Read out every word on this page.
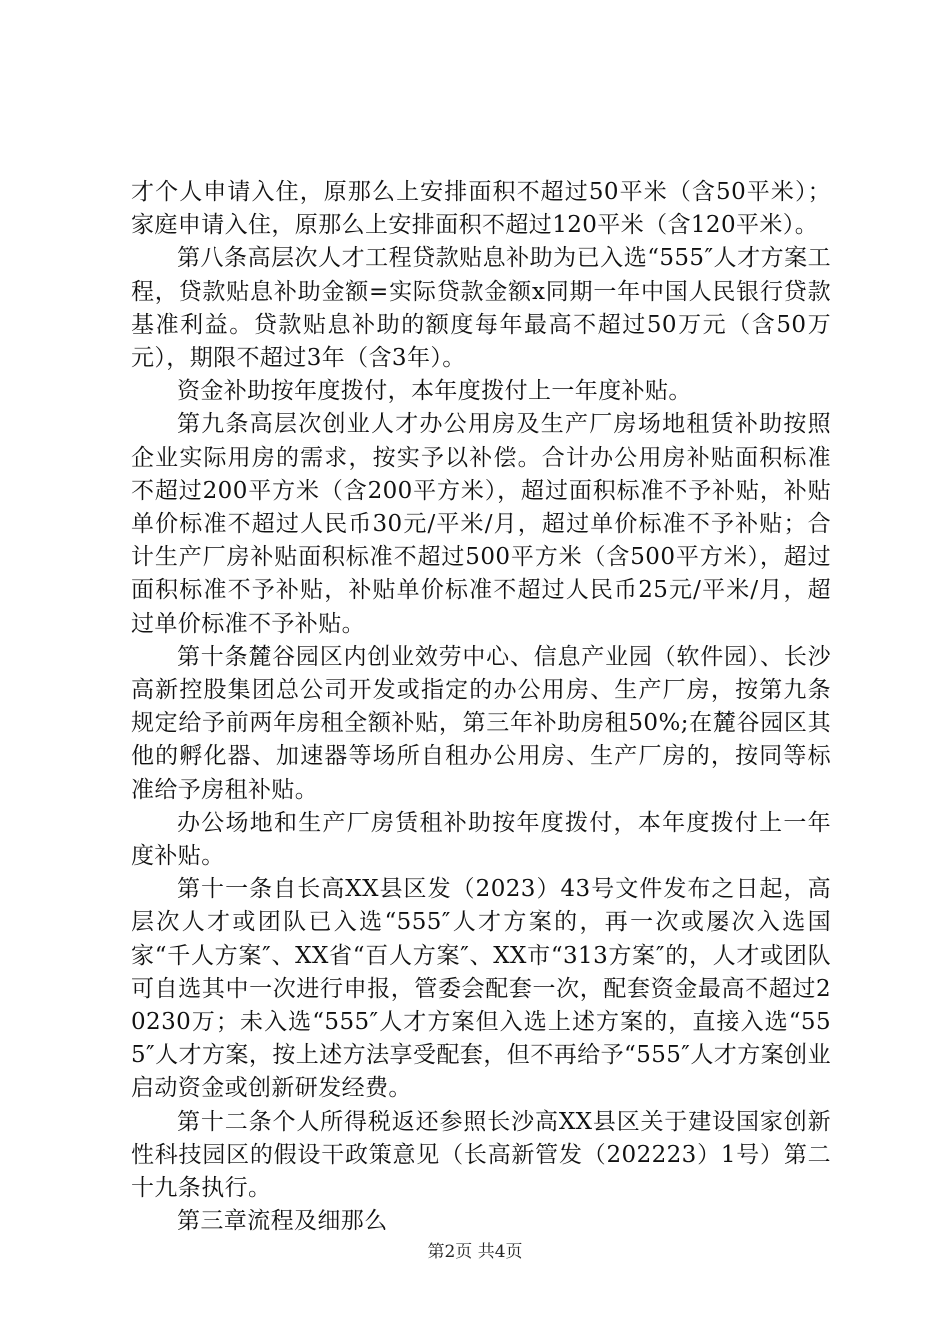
才个人申请入住，原那么上安排面积不超过50平米（含50平米）；家庭申请入住，原那么上安排面积不超过120平米（含120平米）。

第八条高层次人才工程贷款贴息补助为已入选“555″人才方案工程，贷款贴息补助金额=实际贷款金额x同期一年中国人民银行贷款基准利益。贷款贴息补助的额度每年最高不超过50万元（含50万元），期限不超过3年（含3年）。

资金补助按年度拨付，本年度拨付上一年度补贴。

第九条高层次创业人才办公用房及生产厂房场地租赁补助按照企业实际用房的需求，按实予以补偿。合计办公用房补贴面积标准不超过200平方米（含200平方米），超过面积标准不予补贴，补贴单价标准不超过人民币30元/平米/月，超过单价标准不予补贴；合计生产厂房补贴面积标准不超过500平方米（含500平方米），超过面积标准不予补贴，补贴单价标准不超过人民币25元/平米/月，超过单价标准不予补贴。

第十条麓谷园区内创业效劳中心、信息产业园（软件园）、长沙高新控股集团总公司开发或指定的办公用房、生产厂房，按第九条规定给予前两年房租全额补贴，第三年补助房租50%;在麓谷园区其他的孵化器、加速器等场所自租办公用房、生产厂房的，按同等标准给予房租补贴。

办公场地和生产厂房赁租补助按年度拨付，本年度拨付上一年度补贴。

第十一条自长高XX县区发（2023）43号文件发布之日起，高层次人才或团队已入选“555″人才方案的，再一次或屡次入选国家“千人方案″、XX省“百人方案″、XX市“313方案″的，人才或团队可自选其中一次进行申报，管委会配套一次，配套资金最高不超过20230万；未入选“555″人才方案但入选上述方案的，直接入选“555″人才方案，按上述方法享受配套，但不再给予“555″人才方案创业启动资金或创新研发经费。

第十二条个人所得税返还参照长沙高XX县区关于建设国家创新性科技园区的假设干政策意见（长高新管发（202223）1号）第二十九条执行。

第三章流程及细那么

第2页 共4页
